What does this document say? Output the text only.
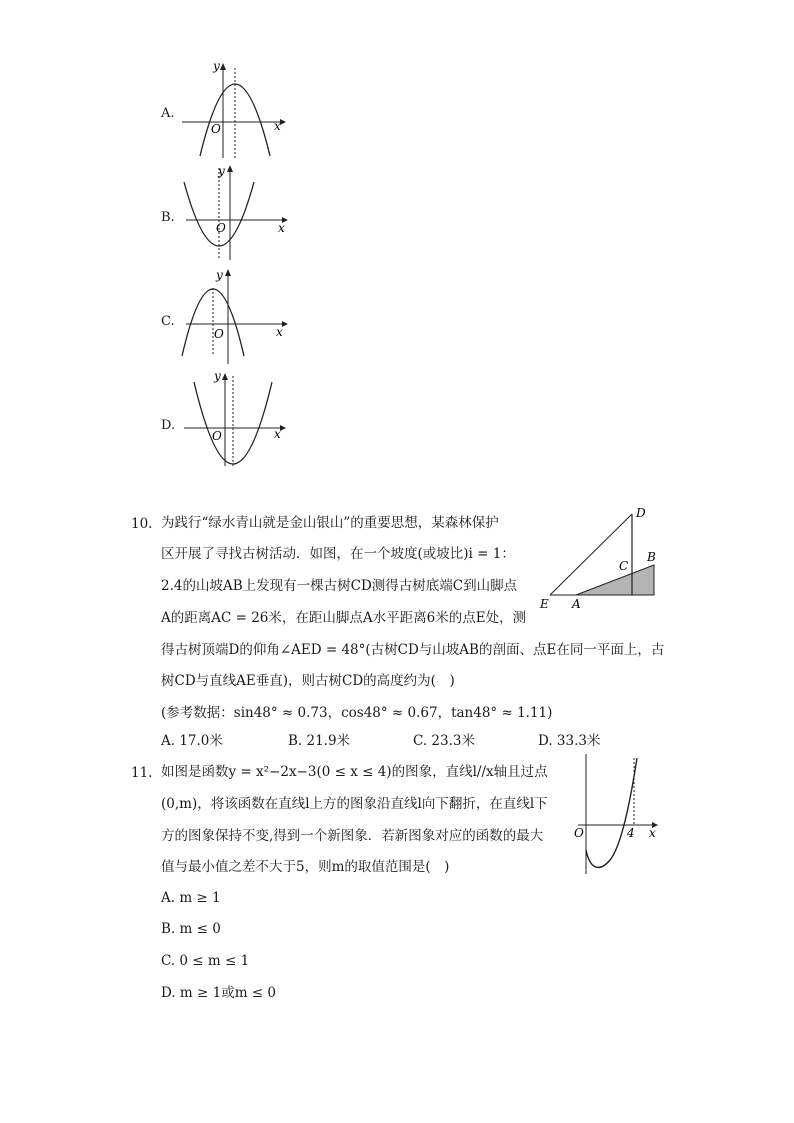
A.
y
O	x
B.
y
O	x
C.
y
O	x
D.
y
O	x
10. 为践行“绿水青山就是金山银山”的重要思想，某森林保护
区开展了寻找古树活动．如图，在一个坡度(或坡比)i = 1：
2.4的山坡AB上发现有一棵古树CD测得古树底端C到山脚点
A的距离AC = 26米，在距山脚点A水平距离6米的点E处，测
得古树顶端D的仰角∠AED = 48°(古树CD与山坡AB的剖面、点E在同一平面上，古
树CD与直线AE垂直)，则古树CD的高度约为(　)
(参考数据：sin48° ≈ 0.73，cos48° ≈ 0.67，tan48° ≈ 1.11)
D
B
C
E A
A. 17.0米	B. 21.9米	C. 23.3米	D. 33.3米
11. 如图是函数y = x²−2x−3(0 ≤ x ≤ 4)的图象，直线l//x轴且过点
(0,m)，将该函数在直线l上方的图象沿直线l向下翻折，在直线l下
方的图象保持不变,得到一个新图象．若新图象对应的函数的最大
值与最小值之差不大于5，则m的取值范围是(　)
O	4 x
A. m ≥ 1
B. m ≤ 0
C. 0 ≤ m ≤ 1
D. m ≥ 1或m ≤ 0
